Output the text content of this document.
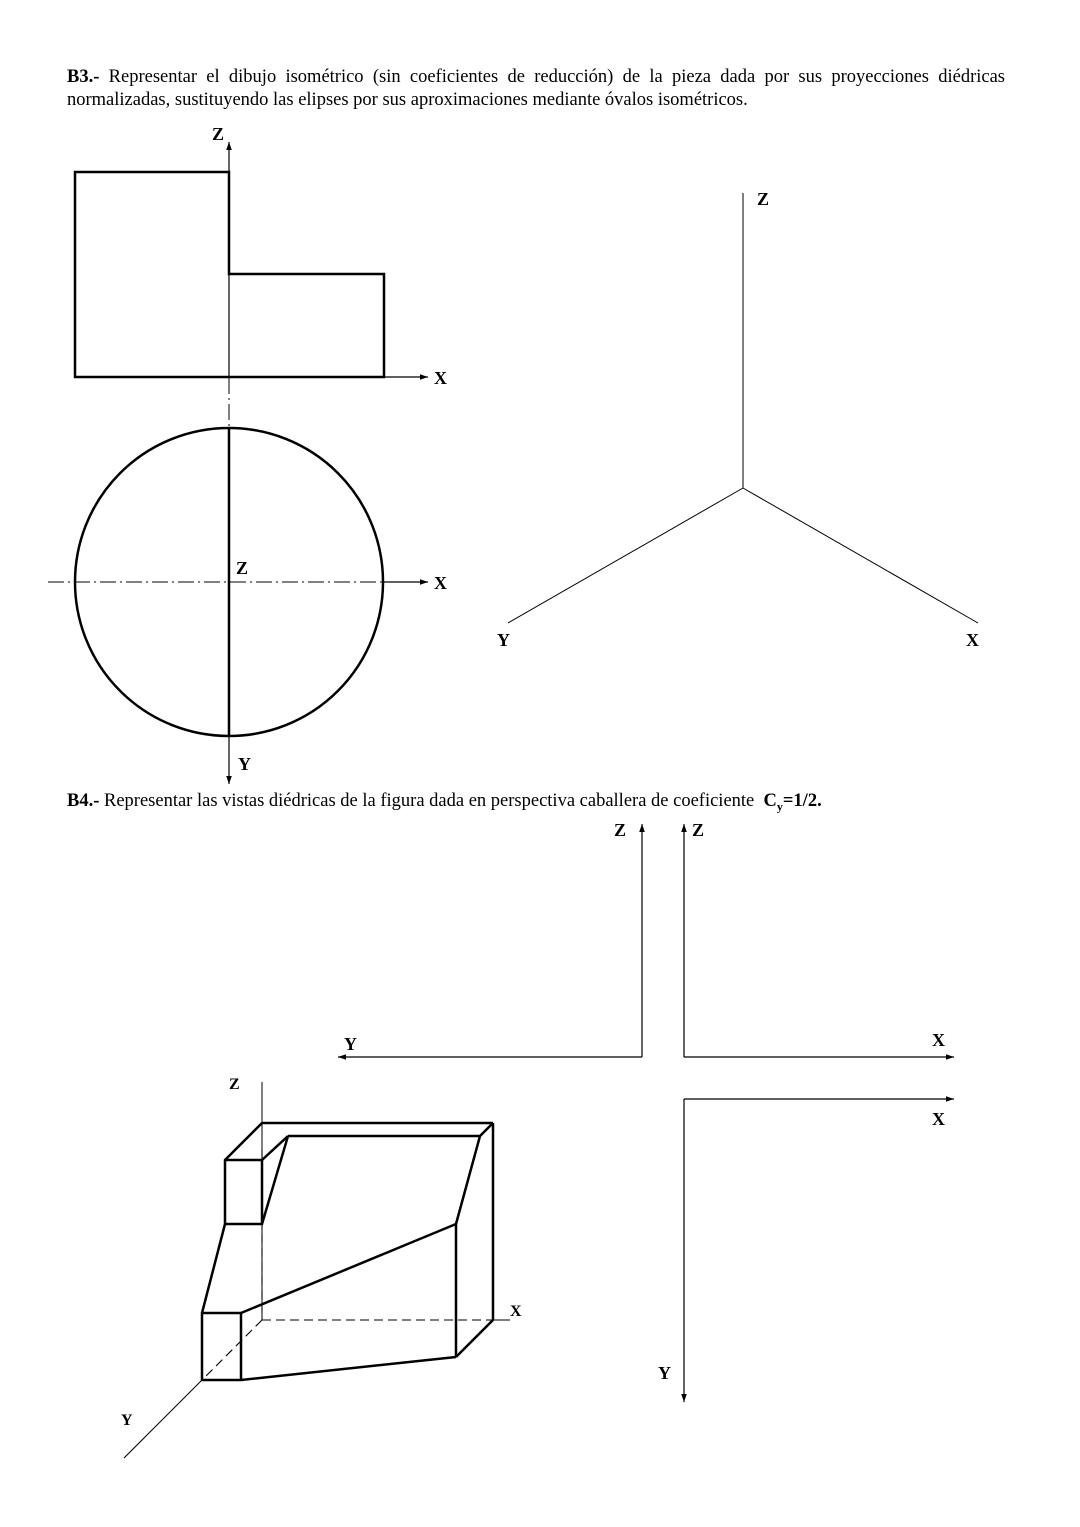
B3.- Representar el dibujo isométrico (sin coeficientes de reducción) de la pieza dada por sus proyecciones diédricas normalizadas, sustituyendo las elipses por sus aproximaciones mediante óvalos isométricos.
B4.- Representar las vistas diédricas de la figura dada en perspectiva caballera de coeficiente $C_y=1/2$.
Z
X
Z
X
Y
Z
Y	X
Z	Z
Y	X
X
Y
Z
X
Y
